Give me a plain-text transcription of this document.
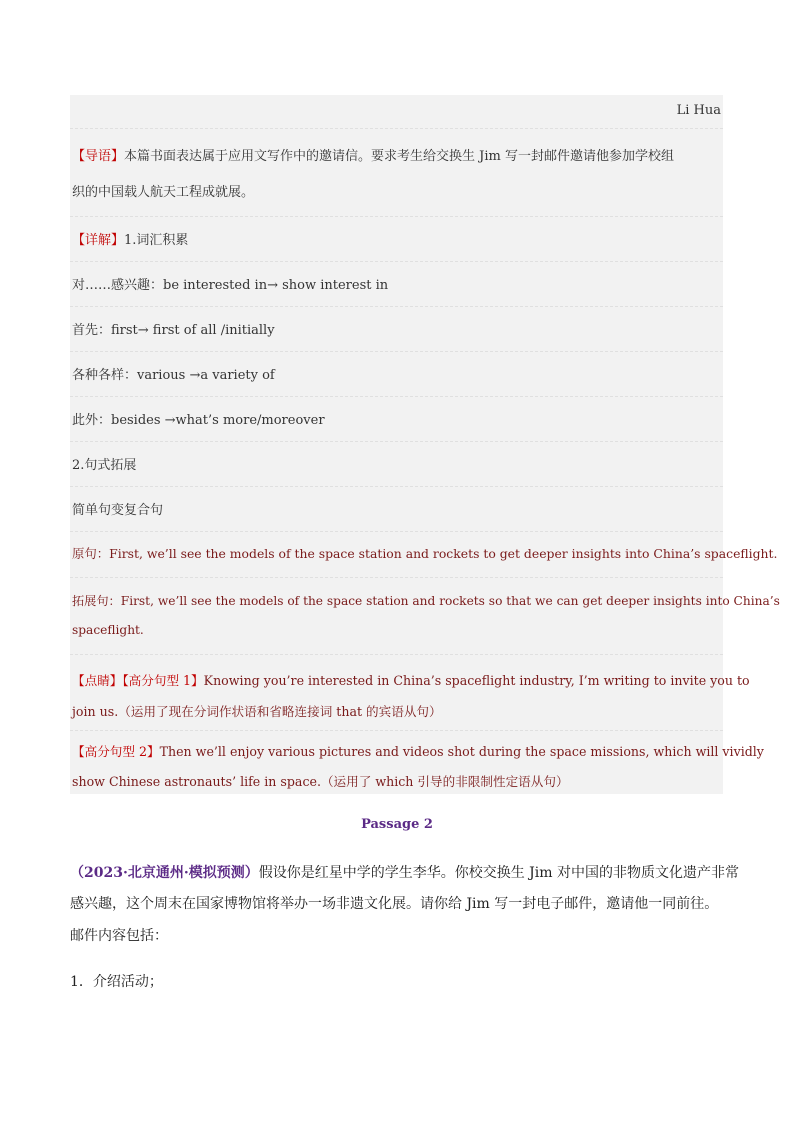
Li Hua
【导语】本篇书面表达属于应用文写作中的邀请信。要求考生给交换生 Jim 写一封邮件邀请他参加学校组
织的中国载人航天工程成就展。
【详解】1.词汇积累
对……感兴趣：be interested in→ show interest in
首先：first→ first of all /initially
各种各样：various →a variety of
此外：besides →what’s more/moreover
2.句式拓展
简单句变复合句
原句：First, we’ll see the models of the space station and rockets to get deeper insights into China’s spaceflight.
拓展句：First, we’ll see the models of the space station and rockets so that we can get deeper insights into China’s
spaceflight.
【点睛】【高分句型 1】Knowing you’re interested in China’s spaceflight industry, I’m writing to invite you to
join us.（运用了现在分词作状语和省略连接词 that 的宾语从句）
【高分句型 2】Then we’ll enjoy various pictures and videos shot during the space missions, which will vividly
show Chinese astronauts’ life in space.（运用了 which 引导的非限制性定语从句）
Passage 2
（2023·北京通州·模拟预测）假设你是红星中学的学生李华。你校交换生 Jim 对中国的非物质文化遗产非常
感兴趣，这个周末在国家博物馆将举办一场非遗文化展。请你给 Jim 写一封电子邮件，邀请他一同前往。
邮件内容包括：
1．介绍活动；
